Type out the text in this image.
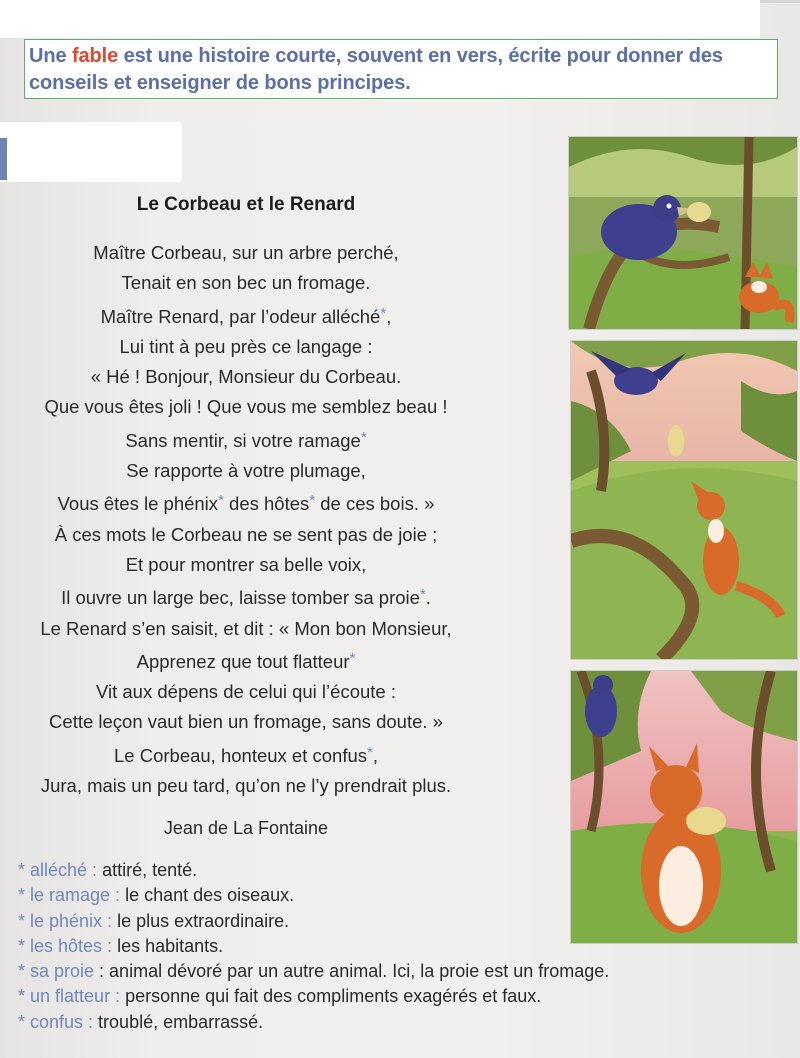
Une fable est une histoire courte, souvent en vers, écrite pour donner des conseils et enseigner de bons principes.
Le Corbeau et le Renard
Maître Corbeau, sur un arbre perché,
Tenait en son bec un fromage.
Maître Renard, par l’odeur alléché*,
Lui tint à peu près ce langage :
« Hé ! Bonjour, Monsieur du Corbeau.
Que vous êtes joli ! Que vous me semblez beau !
Sans mentir, si votre ramage*
Se rapporte à votre plumage,
Vous êtes le phénix* des hôtes* de ces bois. »
À ces mots le Corbeau ne se sent pas de joie ;
Et pour montrer sa belle voix,
Il ouvre un large bec, laisse tomber sa proie*.
Le Renard s’en saisit, et dit : « Mon bon Monsieur,
Apprenez que tout flatteur*
Vit aux dépens de celui qui l’écoute :
Cette leçon vaut bien un fromage, sans doute. »
Le Corbeau, honteux et confus*,
Jura, mais un peu tard, qu’on ne l’y prendrait plus.
Jean de La Fontaine
* alléché : attiré, tenté.
* le ramage : le chant des oiseaux.
* le phénix : le plus extraordinaire.
* les hôtes : les habitants.
* sa proie : animal dévoré par un autre animal. Ici, la proie est un fromage.
* un flatteur : personne qui fait des compliments exagérés et faux.
* confus : troublé, embarrassé.
